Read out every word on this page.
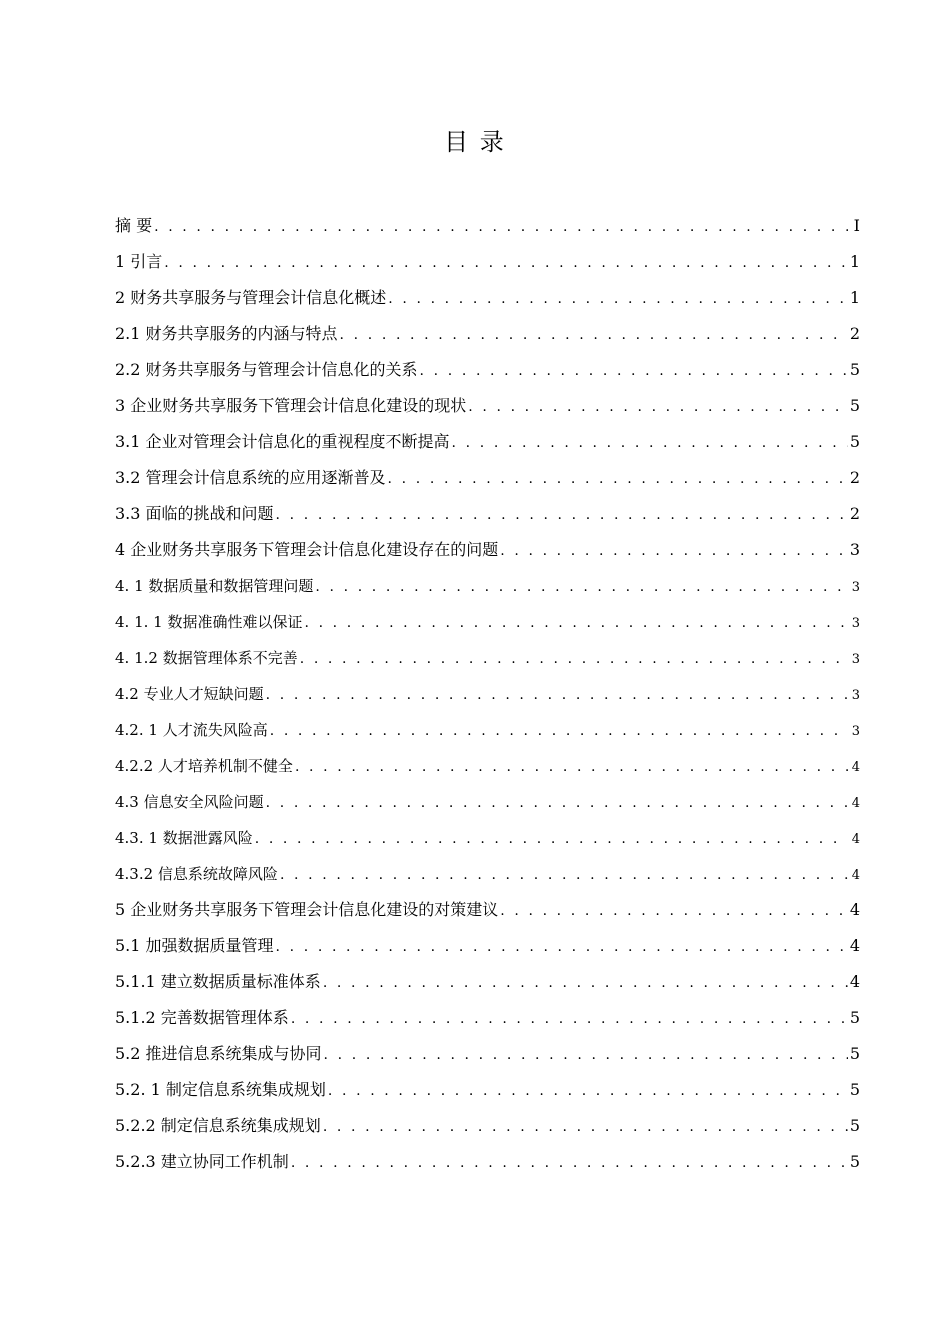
目 录
摘 要 . . .	I
1 引言 . . .	1
2 财务共享服务与管理会计信息化概述 . . .	1
2.1 财务共享服务的内涵与特点 . . .	2
2.2 财务共享服务与管理会计信息化的关系 . . .	5
3 企业财务共享服务下管理会计信息化建设的现状 . . .	5
3.1 企业对管理会计信息化的重视程度不断提高 . . .	5
3.2 管理会计信息系统的应用逐渐普及 . . .	2
3.3 面临的挑战和问题 . . .	2
4 企业财务共享服务下管理会计信息化建设存在的问题 . . .	3
4. 1 数据质量和数据管理问题 . . .	3
4. 1. 1 数据准确性难以保证 . . .	3
4. 1.2 数据管理体系不完善 . . .	3
4.2 专业人才短缺问题 . . .	3
4.2. 1 人才流失风险高 . . .	3
4.2.2 人才培养机制不健全 . . .	4
4.3 信息安全风险问题 . . .	4
4.3. 1 数据泄露风险 . . .	4
4.3.2 信息系统故障风险 . . .	4
5 企业财务共享服务下管理会计信息化建设的对策建议 . . .	4
5.1 加强数据质量管理 . . .	4
5.1.1 建立数据质量标准体系 . . .	4
5.1.2 完善数据管理体系 . . .	5
5.2 推进信息系统集成与协同 . . .	5
5.2. 1 制定信息系统集成规划 . . .	5
5.2.2 制定信息系统集成规划 . . .	5
5.2.3 建立协同工作机制 . . .	5
